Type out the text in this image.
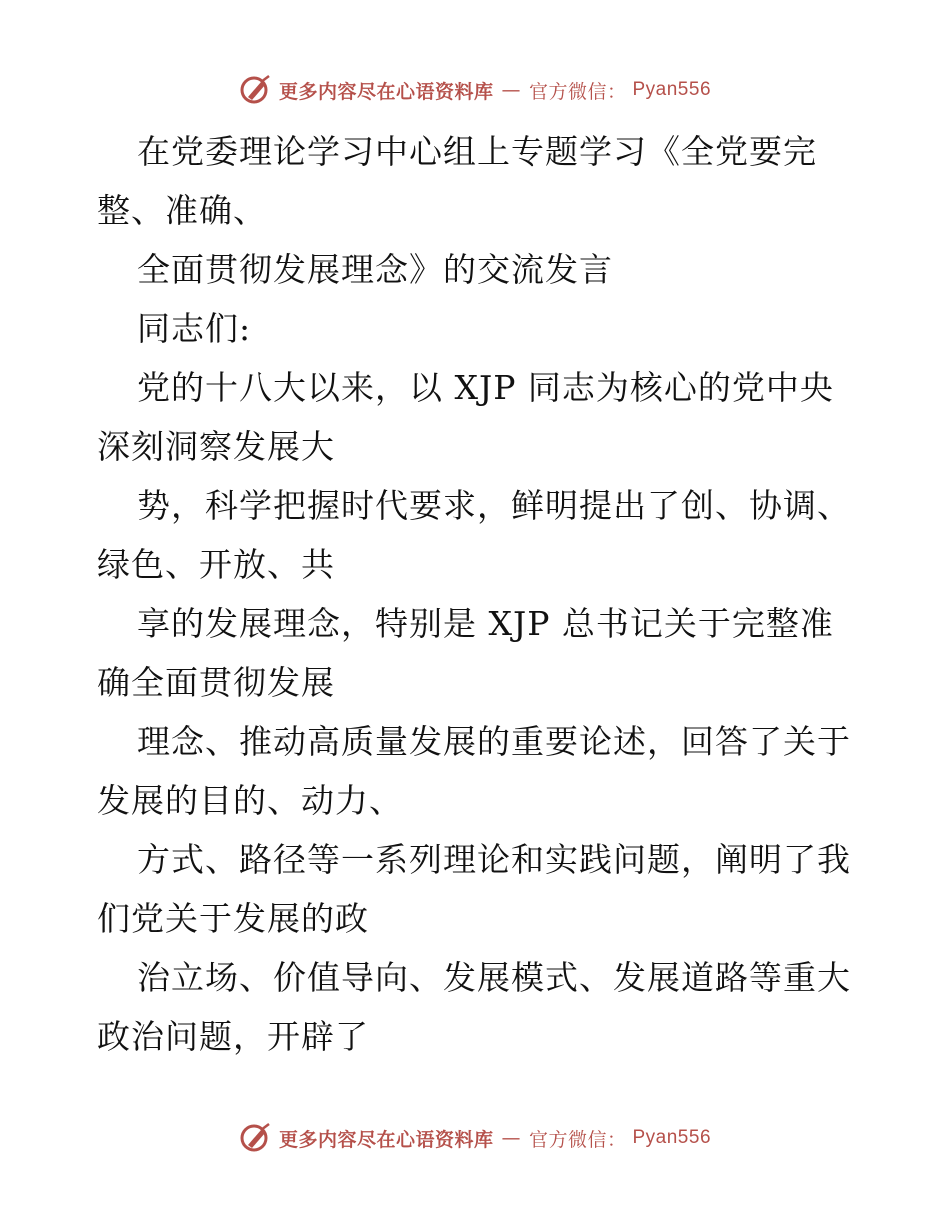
更多内容尽在心语资料库 — 官方微信： Pyan556
在党委理论学习中心组上专题学习《全党要完
整、准确、
全面贯彻发展理念》的交流发言
同志们:
党的十八大以来，以 XJP 同志为核心的党中央
深刻洞察发展大
势，科学把握时代要求，鲜明提出了创、协调、
绿色、开放、共
享的发展理念，特别是 XJP 总书记关于完整准
确全面贯彻发展
理念、推动高质量发展的重要论述，回答了关于
发展的目的、动力、
方式、路径等一系列理论和实践问题，阐明了我
们党关于发展的政
治立场、价值导向、发展模式、发展道路等重大
政治问题，开辟了
更多内容尽在心语资料库 — 官方微信： Pyan556
